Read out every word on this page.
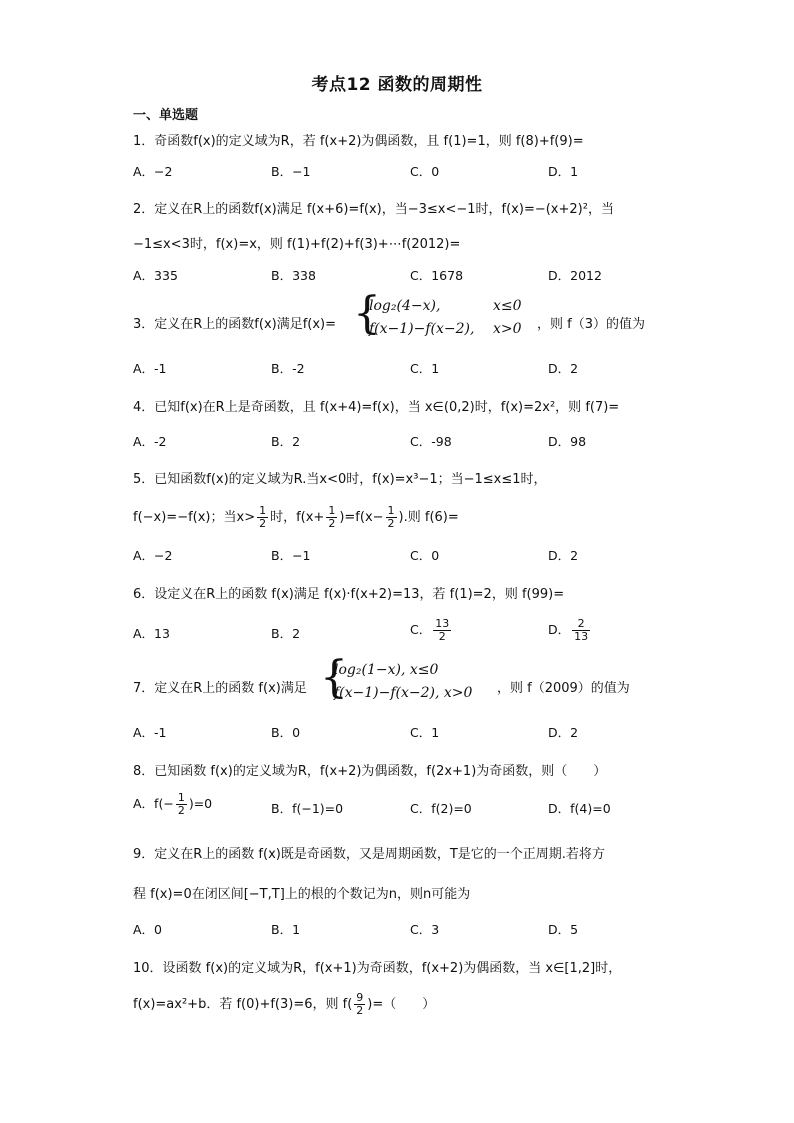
考点12 函数的周期性
一、单选题
1．奇函数f(x)的定义域为R，若 f(x+2)为偶函数，且 f(1)=1，则 f(8)+f(9)=
A．−2	B．−1	C．0	D．1
2．定义在R上的函数f(x)满足 f(x+6)=f(x)，当−3≤x<−1时，f(x)=−(x+2)²，当
−1≤x<3时，f(x)=x，则 f(1)+f(2)+f(3)+⋯f(2012)=
A．335	B．338	C．1678	D．2012
3．定义在R上的函数f(x)满足f(x)= {
log₂(4−x),	x≤0
f(x−1)−f(x−2), x>0 ，则 f（3）的值为
A．-1	B．-2	C．1	D．2
4．已知f(x)在R上是奇函数，且 f(x+4)=f(x)，当 x∈(0,2)时，f(x)=2x²，则 f(7)=
A．-2	B．2	C．-98	D．98
5．已知函数f(x)的定义域为R.当x<0时，f(x)=x³−1；当−1≤x≤1时，
f(−x)=−f(x)；当$x> \frac{1}{2}$ 时，$f(x+ \frac{1}{2} )=f(x- \frac{1}{2}$ ).则 f(6)=
A．−2	B．−1	C．0	D．2
6．设定义在R上的函数 f(x)满足 f(x)·f(x+2)=13，若 f(1)=2，则 f(99)=
A．13	B．2	C． $\frac{13}{2}$	D． $\frac{2}{13}$
7．定义在R上的函数 f(x)满足 {
log₂(1−x), x≤0
f(x−1)−f(x−2), x>0 ，则 f（2009）的值为
A．-1	B．0	C．1	D．2
8．已知函数 f(x)的定义域为R，f(x+2)为偶函数，f(2x+1)为奇函数，则（　　）
A．$f(- \frac{1}{2} )=0$	B．f(−1)=0	C．f(2)=0	D．f(4)=0
9．定义在R上的函数 f(x)既是奇函数，又是周期函数，T是它的一个正周期.若将方
程 f(x)=0在闭区间[−T,T]上的根的个数记为n，则n可能为
A．0	B．1	C．3	D．5
10．设函数 f(x)的定义域为R，f(x+1)为奇函数，f(x+2)为偶函数，当 x∈[1,2]时，
f(x)=ax²+b．若 f(0)+f(3)=6，则 $f( \frac{9}{2}$ )=（　　）
